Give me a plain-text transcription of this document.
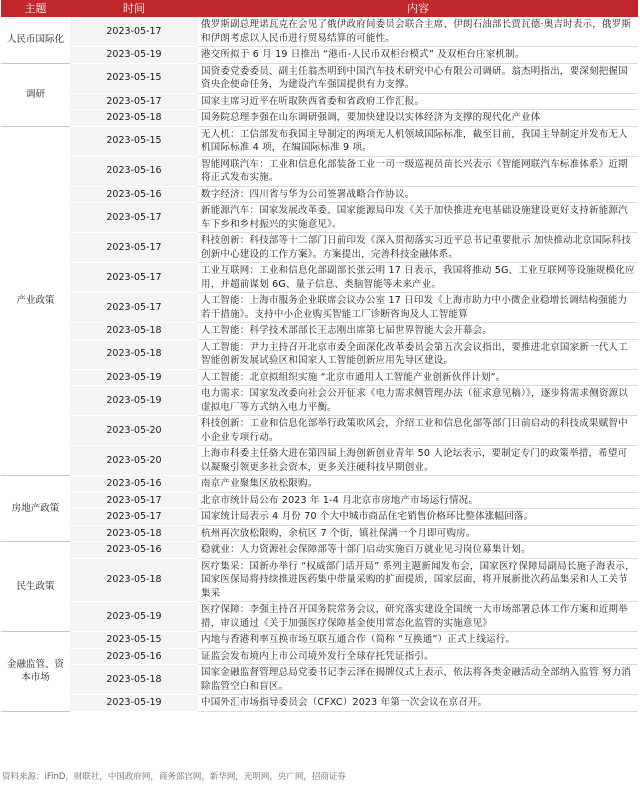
主题	时间	内容
人民币国际化	2023-05-17	俄罗斯副总理诺瓦克在会见了俄伊政府间委员会联合主席、伊朗石油部长贾瓦德·奥吉时表示，俄罗斯和伊朗考虑以人民币进行贸易结算的可能性。
	2023-05-19	港交所拟于 6 月 19 日推出 “港币-人民币双柜台模式” 及双柜台庄家机制。
调研	2023-05-15	国资委党委委员、副主任翁杰明到中国汽车技术研究中心有限公司调研。翁杰明指出，要深刻把握国资央企使命任务，为建设汽车强国提供有力支撑。
	2023-05-17	国家主席习近平在听取陕西省委和省政府工作汇报。
	2023-05-18	国务院总理李强在山东调研强调，要加快建设以实体经济为支撑的现代化产业体
产业政策	2023-05-15	无人机：工信部发布我国主导制定的两项无人机领域国际标准，截至目前，我国主导制定并发布无人机国际标准 4 项，在编国际标准 9 项。
	2023-05-16	智能网联汽车：工业和信息化部装备工业一司一级巡视员苗长兴表示《智能网联汽车标准体系》近期将正式发布实施。
	2023-05-16	数字经济：四川省与华为公司签署战略合作协议。
	2023-05-17	新能源汽车：国家发展改革委、国家能源局印发《关于加快推进充电基础设施建设更好支持新能源汽车下乡和乡村振兴的实施意见》。
	2023-05-17	科技创新：科技部等十二部门日前印发《深入贯彻落实习近平总书记重要批示 加快推动北京国际科技创新中心建设的工作方案》。方案提出，完善科技金融体系。
	2023-05-17	工业互联网：工业和信息化部副部长张云明 17 日表示，我国将推动 5G、工业互联网等设施规模化应用，并超前谋划 6G、量子信息、类脑智能等未来产业。
	2023-05-17	人工智能：上海市服务企业联席会议办公室 17 日印发《上海市助力中小微企业稳增长调结构强能力若干措施》。支持中小企业购买智能工厂诊断咨询及人工智能算
	2023-05-18	人工智能：科学技术部部长王志刚出席第七届世界智能大会开幕会。
	2023-05-18	人工智能：尹力主持召开北京市委全面深化改革委员会第五次会议指出，要推进北京国家新一代人工智能创新发展试验区和国家人工智能创新应用先导区建设。
	2023-05-19	人工智能：北京拟组织实施 “北京市通用人工智能产业创新伙伴计划”。
	2023-05-19	电力需求：国家发改委向社会公开征求《电力需求侧管理办法（征求意见稿）》，逐步将需求侧资源以虚拟电厂等方式纳入电力平衡。
	2023-05-20	科技创新：工业和信息化部举行政策吹风会，介绍工业和信息化部等部门日前启动的科技成果赋智中小企业专项行动。
	2023-05-20	上海市科委主任骆大进在第四届上海创新创业青年 50 人论坛表示，要制定专门的政策举措，希望可以凝聚引领更多社会资本，更多关注硬科技早期创业。
房地产政策	2023-05-16	南京产业聚集区放松限购。
	2023-05-17	北京市统计局公布 2023 年 1-4 月北京市房地产市场运行情况。
	2023-05-17	国家统计局表示 4 月份 70 个大中城市商品住宅销售价格环比整体涨幅回落。
	2023-05-18	杭州再次放松限购，余杭区 7 个街，镇社保满一个月即可购房。
民生政策	2023-05-16	稳就业：人力资源社会保障部等十部门启动实施百万就业见习岗位募集计划。
	2023-05-18	医疗集采：国新办举行 “权威部门话开局” 系列主题新闻发布会，国家医疗保障局副局长施子海表示，国家医保局将持续推进医药集中带量采购的扩面提质，国家层面，将开展新批次药品集采和人工关节集采
	2023-05-19	医疗保障：李强主持召开国务院常务会议，研究落实建设全国统一大市场部署总体工作方案和近期举措，审议通过《关于加强医疗保障基金使用常态化监管的实施意见》
金融监管、资本市场	2023-05-15	内地与香港利率互换市场互联互通合作（简称 “互换通”）正式上线运行。
	2023-05-16	证监会发布境内上市公司境外发行全球存托凭证指引。
	2023-05-18	国家金融监督管理总局党委书记李云泽在揭牌仪式上表示，依法将各类金融活动全部纳入监管 努力消除监管空白和盲区。
	2023-05-19	中国外汇市场指导委员会（CFXC）2023 年第一次会议在京召开。
资料来源：iFinD，财联社，中国政府网，商务部官网，新华网，光明网，央广网，招商证券
